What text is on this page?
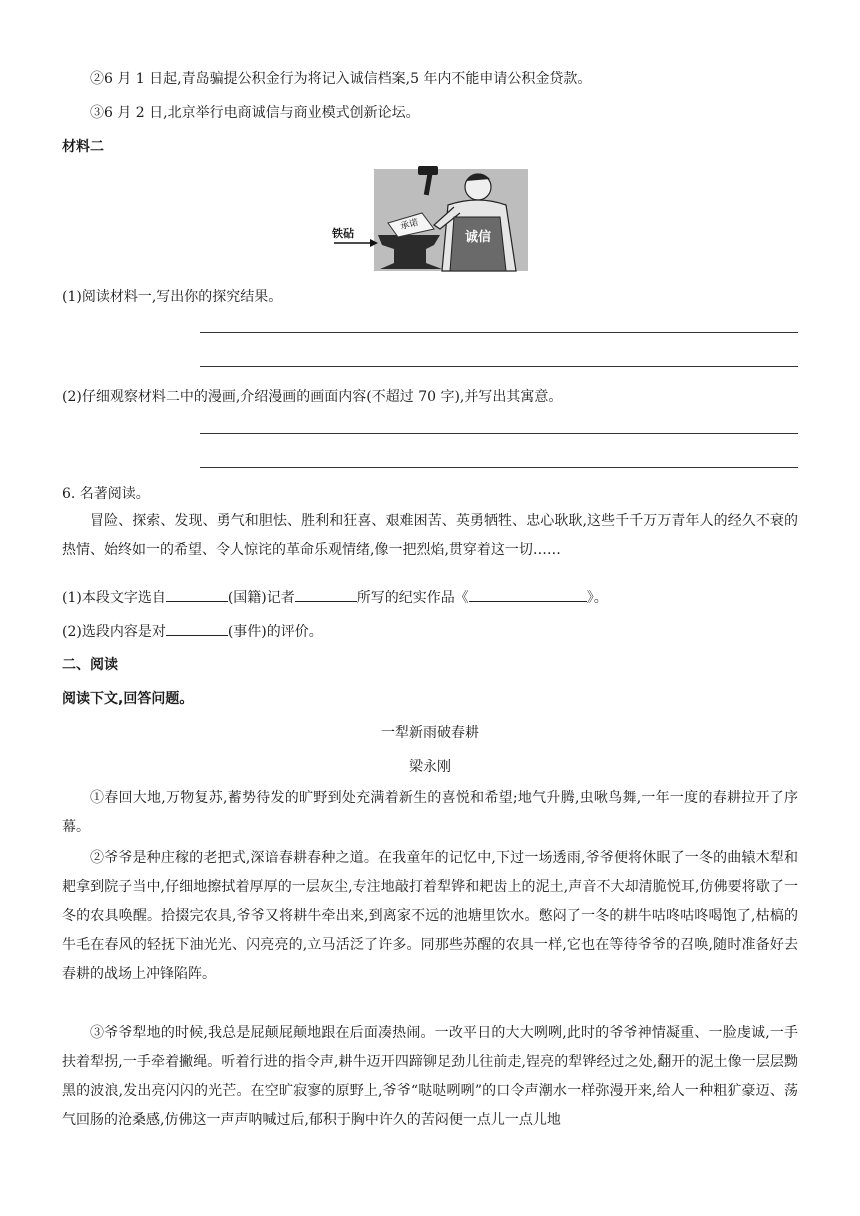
②6 月 1 日起,青岛骗提公积金行为将记入诚信档案,5 年内不能申请公积金贷款。
③6 月 2 日,北京举行电商诚信与商业模式创新论坛。
材料二
铁砧
承诺
诚信
(1)阅读材料一,写出你的探究结果。
(2)仔细观察材料二中的漫画,介绍漫画的画面内容(不超过 70 字),并写出其寓意。
6. 名著阅读。
冒险、探索、发现、勇气和胆怯、胜利和狂喜、艰难困苦、英勇牺牲、忠心耿耿,这些千千万万青年人的经久不衰的热情、始终如一的希望、令人惊诧的革命乐观情绪,像一把烈焰,贯穿着这一切……
(1)本段文字选自	(国籍)记者	所写的纪实作品《	》。
(2)选段内容是对	(事件)的评价。
二、阅读
阅读下文,回答问题。
一犁新雨破春耕
梁永刚
①春回大地,万物复苏,蓄势待发的旷野到处充满着新生的喜悦和希望;地气升腾,虫啾鸟舞,一年一度的春耕拉开了序幕。
②爷爷是种庄稼的老把式,深谙春耕春种之道。在我童年的记忆中,下过一场透雨,爷爷便将休眠了一冬的曲辕木犁和耙拿到院子当中,仔细地擦拭着厚厚的一层灰尘,专注地敲打着犁铧和耙齿上的泥土,声音不大却清脆悦耳,仿佛要将歇了一冬的农具唤醒。拾掇完农具,爷爷又将耕牛牵出来,到离家不远的池塘里饮水。憋闷了一冬的耕牛咕咚咕咚喝饱了,枯槁的牛毛在春风的轻抚下油光光、闪亮亮的,立马活泛了许多。同那些苏醒的农具一样,它也在等待爷爷的召唤,随时准备好去春耕的战场上冲锋陷阵。
③爷爷犁地的时候,我总是屁颠屁颠地跟在后面凑热闹。一改平日的大大咧咧,此时的爷爷神情凝重、一脸虔诚,一手扶着犁拐,一手牵着撇绳。听着行进的指令声,耕牛迈开四蹄铆足劲儿往前走,锃亮的犁铧经过之处,翻开的泥土像一层层黝黑的波浪,发出亮闪闪的光芒。在空旷寂寥的原野上,爷爷“哒哒咧咧”的口令声潮水一样弥漫开来,给人一种粗犷豪迈、荡气回肠的沧桑感,仿佛这一声声呐喊过后,郁积于胸中许久的苦闷便一点儿一点儿地
